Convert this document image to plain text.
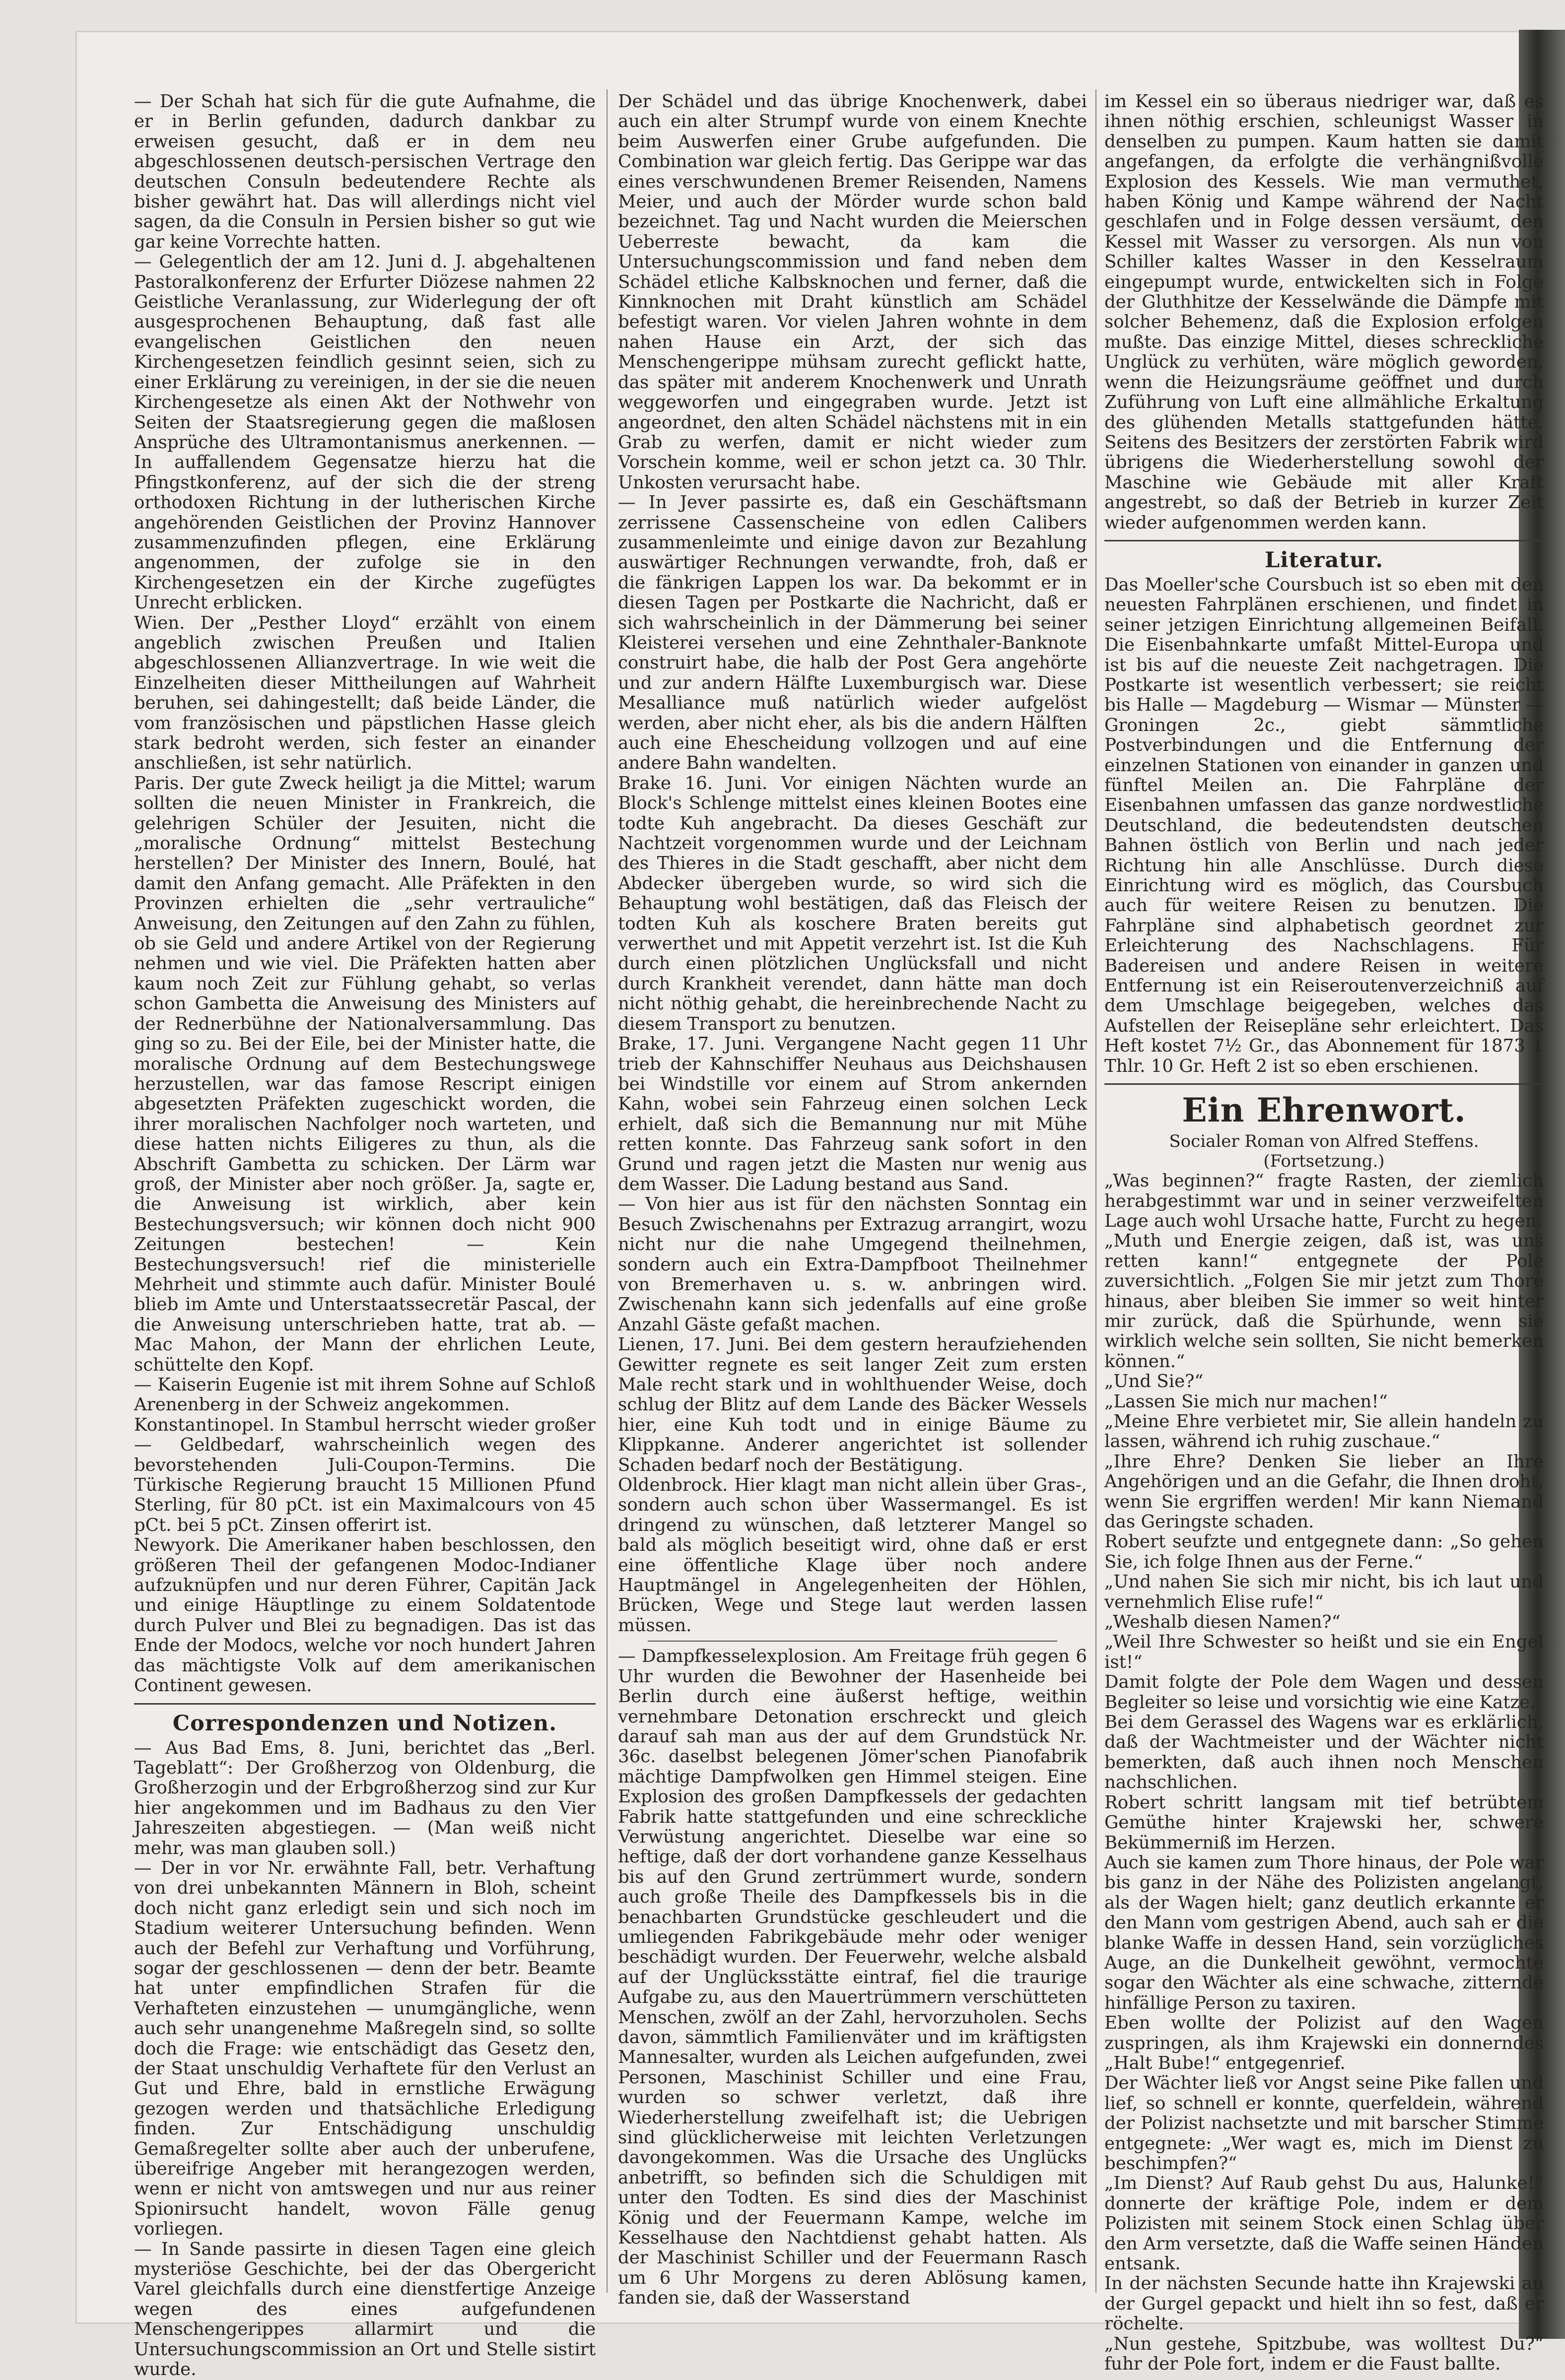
— Der Schah hat sich für die gute Aufnahme, die er in Berlin gefunden, dadurch dankbar zu erweisen gesucht, daß er in dem neu abgeschlossenen deutsch-persischen Vertrage den deutschen Consuln bedeutendere Rechte als bisher gewährt hat. Das will allerdings nicht viel sagen, da die Consuln in Persien bisher so gut wie gar keine Vorrechte hatten.

— Gelegentlich der am 12. Juni d. J. abgehaltenen Pastoralkonferenz der Erfurter Diözese nahmen 22 Geistliche Veranlassung, zur Widerlegung der oft ausgesprochenen Behauptung, daß fast alle evangelischen Geistlichen den neuen Kirchengesetzen feindlich gesinnt seien, sich zu einer Erklärung zu vereinigen, in der sie die neuen Kirchengesetze als einen Akt der Nothwehr von Seiten der Staatsregierung gegen die maßlosen Ansprüche des Ultramontanismus anerkennen. — In auffallendem Gegensatze hierzu hat die Pfingstkonferenz, auf der sich die der streng orthodoxen Richtung in der lutherischen Kirche angehörenden Geistlichen der Provinz Hannover zusammenzufinden pflegen, eine Erklärung angenommen, der zufolge sie in den Kirchengesetzen ein der Kirche zugefügtes Unrecht erblicken.

Wien. Der „Pesther Lloyd“ erzählt von einem angeblich zwischen Preußen und Italien abgeschlossenen Allianzvertrage. In wie weit die Einzelheiten dieser Mittheilungen auf Wahrheit beruhen, sei dahingestellt; daß beide Länder, die vom französischen und päpstlichen Hasse gleich stark bedroht werden, sich fester an einander anschließen, ist sehr natürlich.

Paris. Der gute Zweck heiligt ja die Mittel; warum sollten die neuen Minister in Frankreich, die gelehrigen Schüler der Jesuiten, nicht die „moralische Ordnung“ mittelst Bestechung herstellen? Der Minister des Innern, Boulé, hat damit den Anfang gemacht. Alle Präfekten in den Provinzen erhielten die „sehr vertrauliche“ Anweisung, den Zeitungen auf den Zahn zu fühlen, ob sie Geld und andere Artikel von der Regierung nehmen und wie viel. Die Präfekten hatten aber kaum noch Zeit zur Fühlung gehabt, so verlas schon Gambetta die Anweisung des Ministers auf der Rednerbühne der Nationalversammlung. Das ging so zu. Bei der Eile, bei der Minister hatte, die moralische Ordnung auf dem Bestechungswege herzustellen, war das famose Rescript einigen abgesetzten Präfekten zugeschickt worden, die ihrer moralischen Nachfolger noch warteten, und diese hatten nichts Eiligeres zu thun, als die Abschrift Gambetta zu schicken. Der Lärm war groß, der Minister aber noch größer. Ja, sagte er, die Anweisung ist wirklich, aber kein Bestechungsversuch; wir können doch nicht 900 Zeitungen bestechen! — Kein Bestechungsversuch! rief die ministerielle Mehrheit und stimmte auch dafür. Minister Boulé blieb im Amte und Unterstaatssecretär Pascal, der die Anweisung unterschrieben hatte, trat ab. — Mac Mahon, der Mann der ehrlichen Leute, schüttelte den Kopf.

— Kaiserin Eugenie ist mit ihrem Sohne auf Schloß Arenenberg in der Schweiz angekommen.

Konstantinopel. In Stambul herrscht wieder großer — Geldbedarf, wahrscheinlich wegen des bevorstehenden Juli-Coupon-Termins. Die Türkische Regierung braucht 15 Millionen Pfund Sterling, für 80 pCt. ist ein Maximalcours von 45 pCt. bei 5 pCt. Zinsen offerirt ist.

Newyork. Die Amerikaner haben beschlossen, den größeren Theil der gefangenen Modoc-Indianer aufzuknüpfen und nur deren Führer, Capitän Jack und einige Häuptlinge zu einem Soldatentode durch Pulver und Blei zu begnadigen. Das ist das Ende der Modocs, welche vor noch hundert Jahren das mächtigste Volk auf dem amerikanischen Continent gewesen.

Correspondenzen und Notizen.

— Aus Bad Ems, 8. Juni, berichtet das „Berl. Tageblatt“: Der Großherzog von Oldenburg, die Großherzogin und der Erbgroßherzog sind zur Kur hier angekommen und im Badhaus zu den Vier Jahreszeiten abgestiegen. — (Man weiß nicht mehr, was man glauben soll.)

— Der in vor Nr. erwähnte Fall, betr. Verhaftung von drei unbekannten Männern in Bloh, scheint doch nicht ganz erledigt sein und sich noch im Stadium weiterer Untersuchung befinden. Wenn auch der Befehl zur Verhaftung und Vorführung, sogar der geschlossenen — denn der betr. Beamte hat unter empfindlichen Strafen für die Verhafteten einzustehen — unumgängliche, wenn auch sehr unangenehme Maßregeln sind, so sollte doch die Frage: wie entschädigt das Gesetz den, der Staat unschuldig Verhaftete für den Verlust an Gut und Ehre, bald in ernstliche Erwägung gezogen werden und thatsächliche Erledigung finden. Zur Entschädigung unschuldig Gemaßregelter sollte aber auch der unberufene, übereifrige Angeber mit herangezogen werden, wenn er nicht von amtswegen und nur aus reiner Spionirsucht handelt, wovon Fälle genug vorliegen.

— In Sande passirte in diesen Tagen eine gleich mysteriöse Geschichte, bei der das Obergericht Varel gleichfalls durch eine dienstfertige Anzeige wegen des eines aufgefundenen Menschengerippes allarmirt und die Untersuchungscommission an Ort und Stelle sistirt wurde.

Der Schädel und das übrige Knochenwerk, dabei auch ein alter Strumpf wurde von einem Knechte beim Auswerfen einer Grube aufgefunden. Die Combination war gleich fertig. Das Gerippe war das eines verschwundenen Bremer Reisenden, Namens Meier, und auch der Mörder wurde schon bald bezeichnet. Tag und Nacht wurden die Meierschen Ueberreste bewacht, da kam die Untersuchungscommission und fand neben dem Schädel etliche Kalbsknochen und ferner, daß die Kinnknochen mit Draht künstlich am Schädel befestigt waren. Vor vielen Jahren wohnte in dem nahen Hause ein Arzt, der sich das Menschengerippe mühsam zurecht geflickt hatte, das später mit anderem Knochenwerk und Unrath weggeworfen und eingegraben wurde. Jetzt ist angeordnet, den alten Schädel nächstens mit in ein Grab zu werfen, damit er nicht wieder zum Vorschein komme, weil er schon jetzt ca. 30 Thlr. Unkosten verursacht habe.

— In Jever passirte es, daß ein Geschäftsmann zerrissene Cassenscheine von edlen Calibers zusammenleimte und einige davon zur Bezahlung auswärtiger Rechnungen verwandte, froh, daß er die fänkrigen Lappen los war. Da bekommt er in diesen Tagen per Postkarte die Nachricht, daß er sich wahrscheinlich in der Dämmerung bei seiner Kleisterei versehen und eine Zehnthaler-Banknote construirt habe, die halb der Post Gera angehörte und zur andern Hälfte Luxemburgisch war. Diese Mesalliance muß natürlich wieder aufgelöst werden, aber nicht eher, als bis die andern Hälften auch eine Ehescheidung vollzogen und auf eine andere Bahn wandelten.

Brake 16. Juni. Vor einigen Nächten wurde an Block's Schlenge mittelst eines kleinen Bootes eine todte Kuh angebracht. Da dieses Geschäft zur Nachtzeit vorgenommen wurde und der Leichnam des Thieres in die Stadt geschafft, aber nicht dem Abdecker übergeben wurde, so wird sich die Behauptung wohl bestätigen, daß das Fleisch der todten Kuh als koschere Braten bereits gut verwerthet und mit Appetit verzehrt ist. Ist die Kuh durch einen plötzlichen Unglücksfall und nicht durch Krankheit verendet, dann hätte man doch nicht nöthig gehabt, die hereinbrechende Nacht zu diesem Transport zu benutzen.

Brake, 17. Juni. Vergangene Nacht gegen 11 Uhr trieb der Kahnschiffer Neuhaus aus Deichshausen bei Windstille vor einem auf Strom ankernden Kahn, wobei sein Fahrzeug einen solchen Leck erhielt, daß sich die Bemannung nur mit Mühe retten konnte. Das Fahrzeug sank sofort in den Grund und ragen jetzt die Masten nur wenig aus dem Wasser. Die Ladung bestand aus Sand.

— Von hier aus ist für den nächsten Sonntag ein Besuch Zwischenahns per Extrazug arrangirt, wozu nicht nur die nahe Umgegend theilnehmen, sondern auch ein Extra-Dampfboot Theilnehmer von Bremerhaven u. s. w. anbringen wird. Zwischenahn kann sich jedenfalls auf eine große Anzahl Gäste gefaßt machen.

Lienen, 17. Juni. Bei dem gestern heraufziehenden Gewitter regnete es seit langer Zeit zum ersten Male recht stark und in wohlthuender Weise, doch schlug der Blitz auf dem Lande des Bäcker Wessels hier, eine Kuh todt und in einige Bäume zu Klippkanne. Anderer angerichtet ist sollender Schaden bedarf noch der Bestätigung.

Oldenbrock. Hier klagt man nicht allein über Gras-, sondern auch schon über Wassermangel. Es ist dringend zu wünschen, daß letzterer Mangel so bald als möglich beseitigt wird, ohne daß er erst eine öffentliche Klage über noch andere Hauptmängel in Angelegenheiten der Höhlen, Brücken, Wege und Stege laut werden lassen müssen.

— Dampfkesselexplosion. Am Freitage früh gegen 6 Uhr wurden die Bewohner der Hasenheide bei Berlin durch eine äußerst heftige, weithin vernehmbare Detonation erschreckt und gleich darauf sah man aus der auf dem Grundstück Nr. 36c. daselbst belegenen Jömer'schen Pianofabrik mächtige Dampfwolken gen Himmel steigen. Eine Explosion des großen Dampfkessels der gedachten Fabrik hatte stattgefunden und eine schreckliche Verwüstung angerichtet. Dieselbe war eine so heftige, daß der dort vorhandene ganze Kesselhaus bis auf den Grund zertrümmert wurde, sondern auch große Theile des Dampfkessels bis in die benachbarten Grundstücke geschleudert und die umliegenden Fabrikgebäude mehr oder weniger beschädigt wurden. Der Feuerwehr, welche alsbald auf der Unglücksstätte eintraf, fiel die traurige Aufgabe zu, aus den Mauertrümmern verschütteten Menschen, zwölf an der Zahl, hervorzuholen. Sechs davon, sämmtlich Familienväter und im kräftigsten Mannesalter, wurden als Leichen aufgefunden, zwei Personen, Maschinist Schiller und eine Frau, wurden so schwer verletzt, daß ihre Wiederherstellung zweifelhaft ist; die Uebrigen sind glücklicherweise mit leichten Verletzungen davongekommen. Was die Ursache des Unglücks anbetrifft, so befinden sich die Schuldigen mit unter den Todten. Es sind dies der Maschinist König und der Feuermann Kampe, welche im Kesselhause den Nachtdienst gehabt hatten. Als der Maschinist Schiller und der Feuermann Rasch um 6 Uhr Morgens zu deren Ablösung kamen, fanden sie, daß der Wasserstand

im Kessel ein so überaus niedriger war, daß es ihnen nöthig erschien, schleunigst Wasser in denselben zu pumpen. Kaum hatten sie damit angefangen, da erfolgte die verhängnißvolle Explosion des Kessels. Wie man vermuthet, haben König und Kampe während der Nacht geschlafen und in Folge dessen versäumt, den Kessel mit Wasser zu versorgen. Als nun von Schiller kaltes Wasser in den Kesselraum eingepumpt wurde, entwickelten sich in Folge der Gluthhitze der Kesselwände die Dämpfe mit solcher Behemenz, daß die Explosion erfolgen mußte. Das einzige Mittel, dieses schreckliche Unglück zu verhüten, wäre möglich geworden, wenn die Heizungsräume geöffnet und durch Zuführung von Luft eine allmähliche Erkaltung des glühenden Metalls stattgefunden hätte. Seitens des Besitzers der zerstörten Fabrik wird übrigens die Wiederherstellung sowohl der Maschine wie Gebäude mit aller Kraft angestrebt, so daß der Betrieb in kurzer Zeit wieder aufgenommen werden kann.

Literatur.

Das Moeller'sche Coursbuch ist so eben mit den neuesten Fahrplänen erschienen, und findet in seiner jetzigen Einrichtung allgemeinen Beifall. Die Eisenbahnkarte umfaßt Mittel-Europa und ist bis auf die neueste Zeit nachgetragen. Die Postkarte ist wesentlich verbessert; sie reicht bis Halle — Magdeburg — Wismar — Münster — Groningen 2c., giebt sämmtliche Postverbindungen und die Entfernung der einzelnen Stationen von einander in ganzen und fünftel Meilen an. Die Fahrpläne der Eisenbahnen umfassen das ganze nordwestliche Deutschland, die bedeutendsten deutschen Bahnen östlich von Berlin und nach jeder Richtung hin alle Anschlüsse. Durch diese Einrichtung wird es möglich, das Coursbuch auch für weitere Reisen zu benutzen. Die Fahrpläne sind alphabetisch geordnet zur Erleichterung des Nachschlagens. Für Badereisen und andere Reisen in weitere Entfernung ist ein Reiseroutenverzeichniß auf dem Umschlage beigegeben, welches das Aufstellen der Reisepläne sehr erleichtert. Das Heft kostet 7½ Gr., das Abonnement für 1873 1 Thlr. 10 Gr. Heft 2 ist so eben erschienen.

Ein Ehrenwort.
Socialer Roman von Alfred Steffens.
(Fortsetzung.)

„Was beginnen?“ fragte Rasten, der ziemlich herabgestimmt war und in seiner verzweifelten Lage auch wohl Ursache hatte, Furcht zu hegen.

„Muth und Energie zeigen, daß ist, was uns retten kann!“ entgegnete der Pole zuversichtlich. „Folgen Sie mir jetzt zum Thore hinaus, aber bleiben Sie immer so weit hinter mir zurück, daß die Spürhunde, wenn sie wirklich welche sein sollten, Sie nicht bemerken können.“

„Und Sie?“

„Lassen Sie mich nur machen!“

„Meine Ehre verbietet mir, Sie allein handeln zu lassen, während ich ruhig zuschaue.“

„Ihre Ehre? Denken Sie lieber an Ihre Angehörigen und an die Gefahr, die Ihnen droht, wenn Sie ergriffen werden! Mir kann Niemand das Geringste schaden.

Robert seufzte und entgegnete dann: „So gehen Sie, ich folge Ihnen aus der Ferne.“

„Und nahen Sie sich mir nicht, bis ich laut und vernehmlich Elise rufe!“

„Weshalb diesen Namen?“

„Weil Ihre Schwester so heißt und sie ein Engel ist!“

Damit folgte der Pole dem Wagen und dessen Begleiter so leise und vorsichtig wie eine Katze.

Bei dem Gerassel des Wagens war es erklärlich, daß der Wachtmeister und der Wächter nicht bemerkten, daß auch ihnen noch Menschen nachschlichen.

Robert schritt langsam mit tief betrübtem Gemüthe hinter Krajewski her, schwere Bekümmerniß im Herzen.

Auch sie kamen zum Thore hinaus, der Pole war bis ganz in der Nähe des Polizisten angelangt, als der Wagen hielt; ganz deutlich erkannte er den Mann vom gestrigen Abend, auch sah er die blanke Waffe in dessen Hand, sein vorzügliches Auge, an die Dunkelheit gewöhnt, vermochte sogar den Wächter als eine schwache, zitternde hinfällige Person zu taxiren.

Eben wollte der Polizist auf den Wagen zuspringen, als ihm Krajewski ein donnerndes „Halt Bube!“ entgegenrief.

Der Wächter ließ vor Angst seine Pike fallen und lief, so schnell er konnte, querfeldein, während der Polizist nachsetzte und mit barscher Stimme entgegnete: „Wer wagt es, mich im Dienst zu beschimpfen?“

„Im Dienst? Auf Raub gehst Du aus, Halunke!“ donnerte der kräftige Pole, indem er dem Polizisten mit seinem Stock einen Schlag über den Arm versetzte, daß die Waffe seinen Händen entsank.

In der nächsten Secunde hatte ihn Krajewski an der Gurgel gepackt und hielt ihn so fest, daß er röchelte.

„Nun gestehe, Spitzbube, was wolltest Du?“ fuhr der Pole fort, indem er die Faust ballte.
